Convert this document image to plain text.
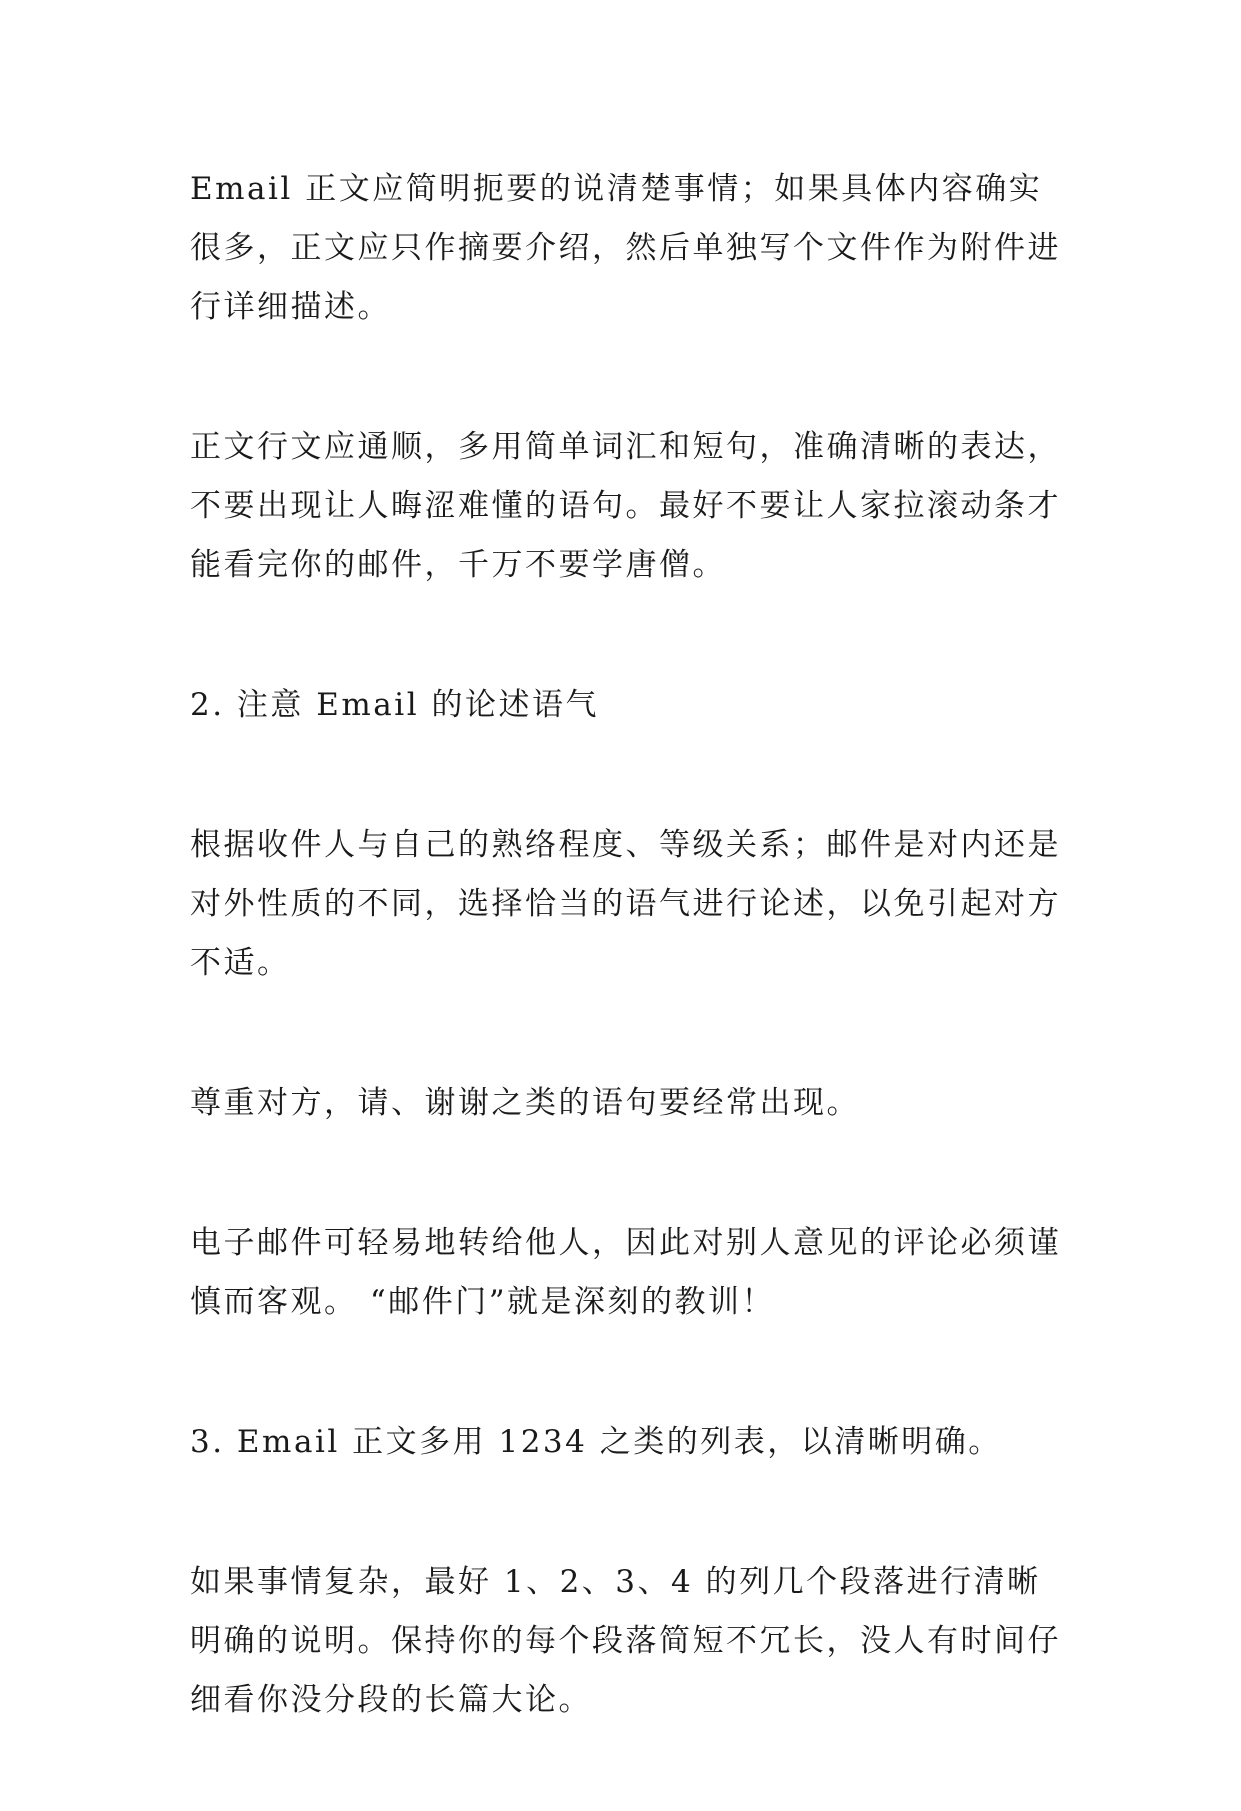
Email 正文应简明扼要的说清楚事情；如果具体内容确实很多，正文应只作摘要介绍，然后单独写个文件作为附件进行详细描述。

正文行文应通顺，多用简单词汇和短句，准确清晰的表达，不要出现让人晦涩难懂的语句。最好不要让人家拉滚动条才能看完你的邮件，千万不要学唐僧。

2. 注意 Email 的论述语气

根据收件人与自己的熟络程度、等级关系；邮件是对内还是对外性质的不同，选择恰当的语气进行论述，以免引起对方不适。

尊重对方，请、谢谢之类的语句要经常出现。

电子邮件可轻易地转给他人，因此对别人意见的评论必须谨慎而客观。 “邮件门”就是深刻的教训！

3. Email 正文多用 1234 之类的列表，以清晰明确。

如果事情复杂，最好 1、2、3、4 的列几个段落进行清晰明确的说明。保持你的每个段落简短不冗长，没人有时间仔细看你没分段的长篇大论。
